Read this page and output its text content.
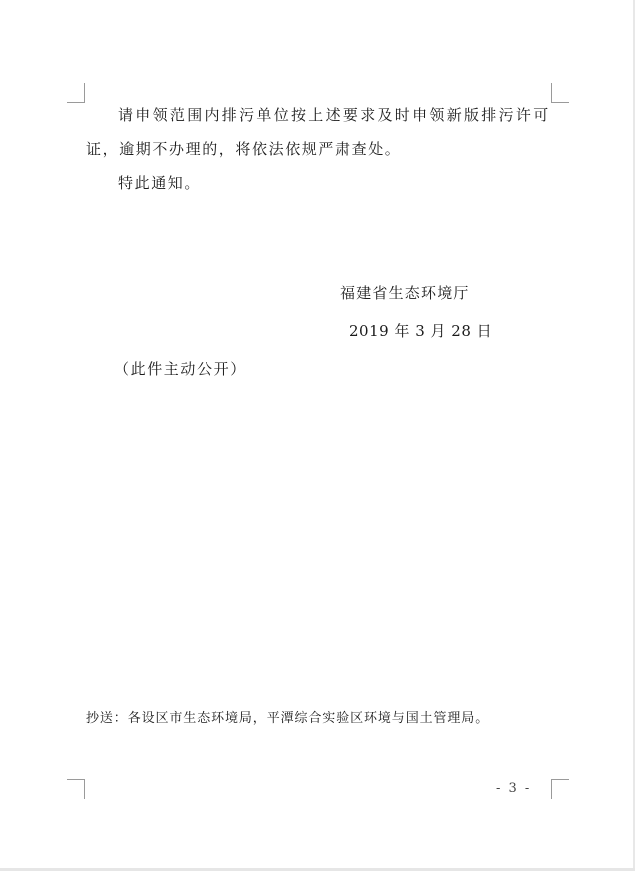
请申领范围内排污单位按上述要求及时申领新版排污许可
证，逾期不办理的，将依法依规严肃查处。
特此通知。
福建省生态环境厅
2019 年 3 月 28 日
（此件主动公开）
抄送：各设区市生态环境局，平潭综合实验区环境与国土管理局。
- 3 -
